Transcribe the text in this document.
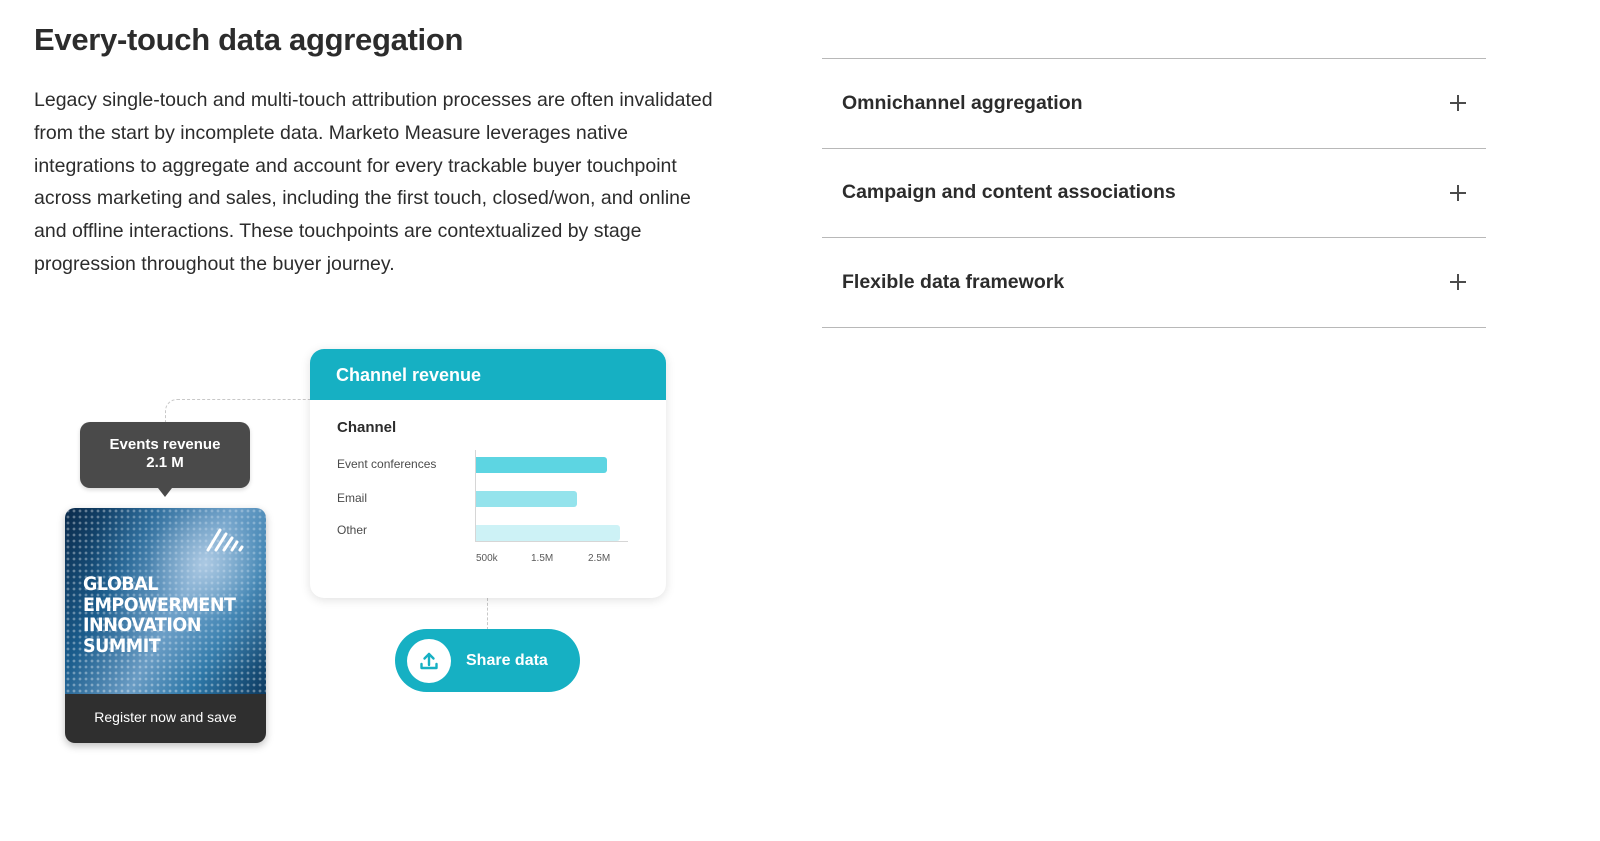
Every-touch data aggregation

Legacy single-touch and multi-touch attribution processes are often invalidated from the start by incomplete data. Marketo Measure leverages native integrations to aggregate and account for every trackable buyer touchpoint across marketing and sales, including the first touch, closed/won, and online and offline interactions. These touchpoints are contextualized by stage progression throughout the buyer journey.

Omnichannel aggregation
Campaign and content associations
Flexible data framework
Events revenue
2.1 M
GLOBAL
EMPOWERMENT
INNOVATION
SUMMIT
Register now and save
Channel revenue
Channel
Event conferences
Email
Other
500k	1.5M	2.5M
Share data
